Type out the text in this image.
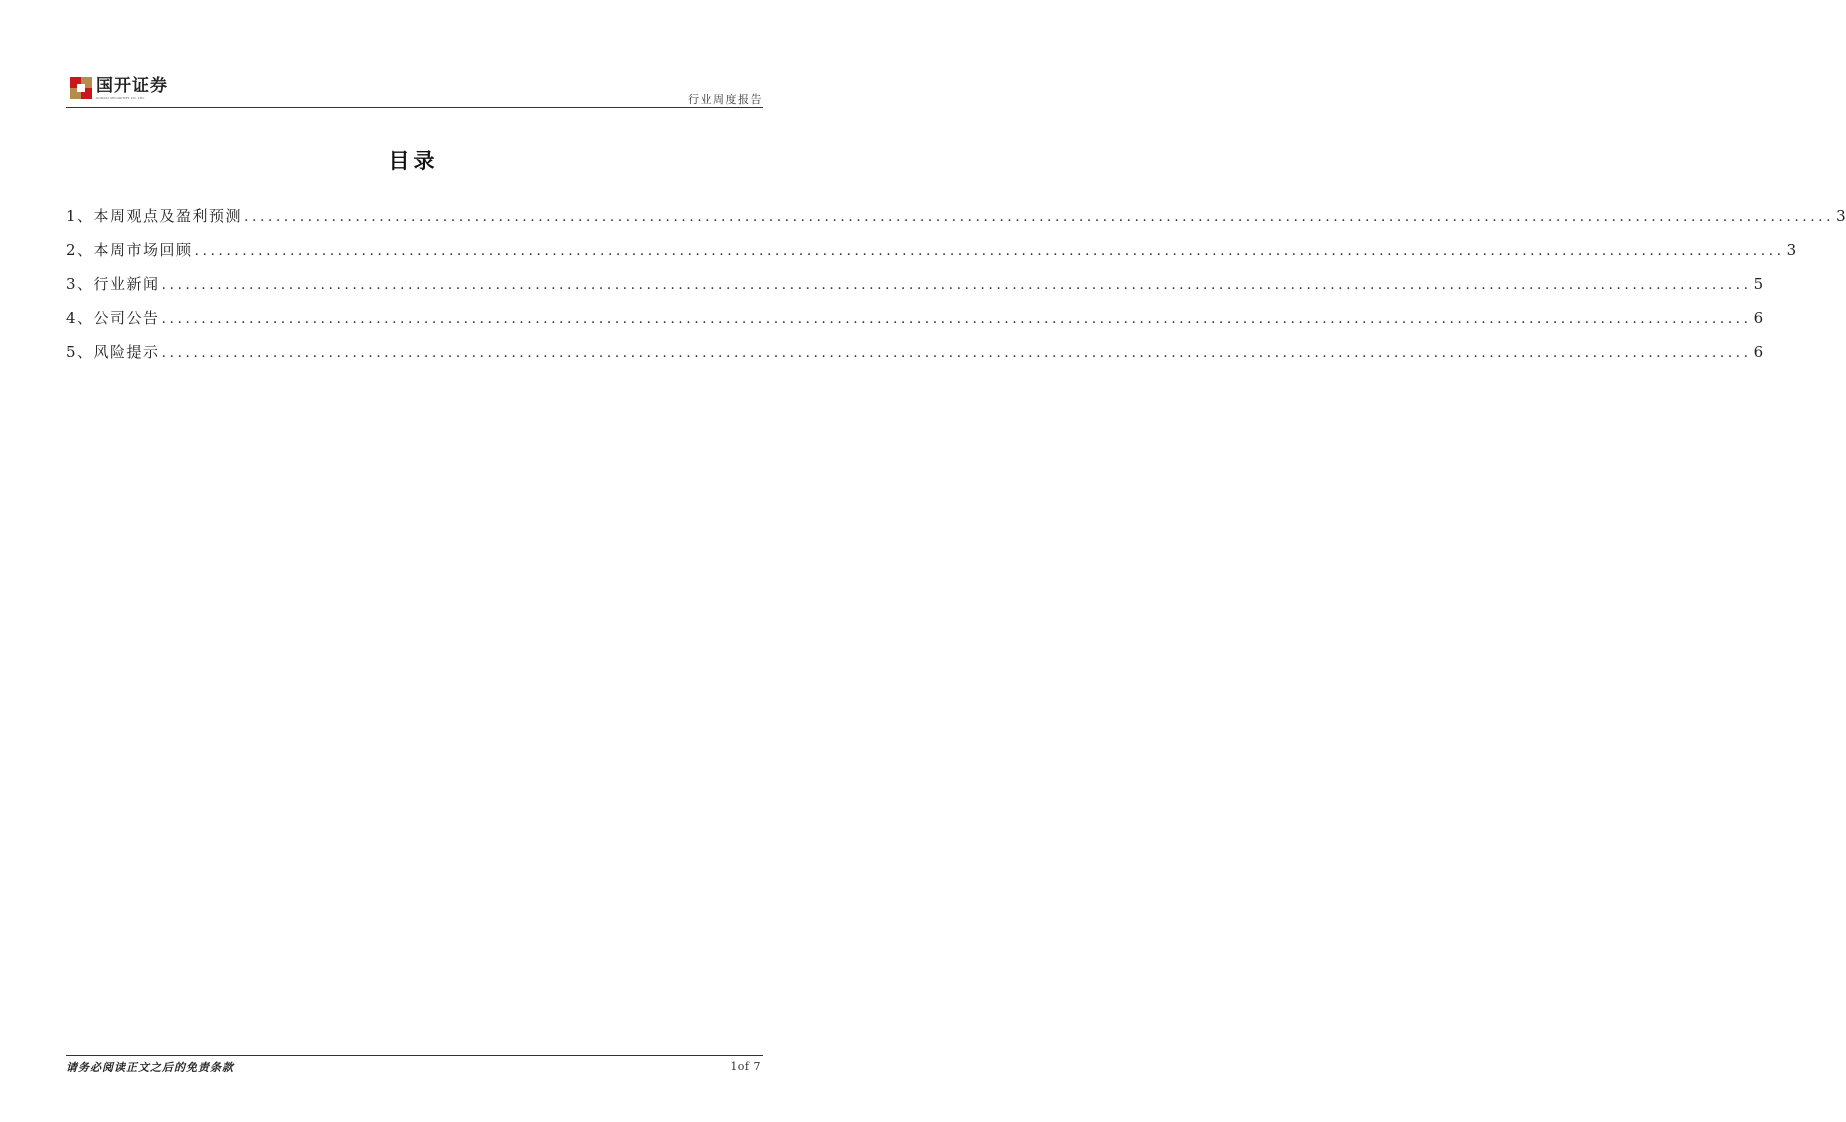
国开证券
GUOKAI SECURITIES CO.,LTD.	行业周度报告
目录
1、本周观点及盈利预测 ........................................................................................................................................................................................................ 3
2、本周市场回顾 ........................................................................................................................................................................................................ 3
3、行业新闻 ........................................................................................................................................................................................................ 5
4、公司公告 ........................................................................................................................................................................................................ 6
5、风险提示 ........................................................................................................................................................................................................ 6
请务必阅读正文之后的免责条款	1of 7
